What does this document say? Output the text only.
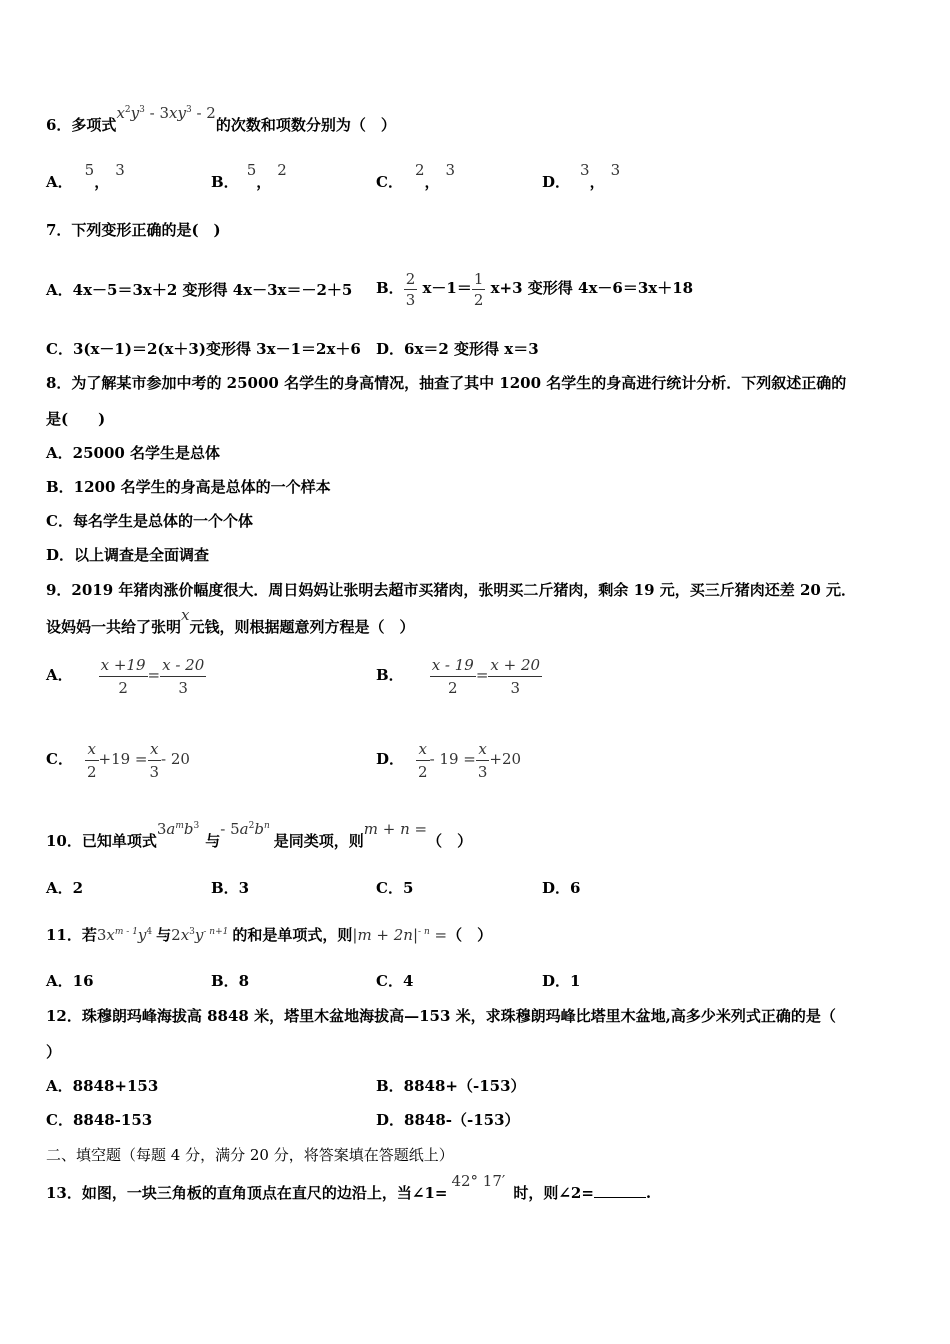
6．多项式$x^2y^3 - 3xy^3 - 2$的次数和项数分别为（　）
A．5，3
B．5，2
C．2，3
D．3，3
7．下列变形正确的是(　)
A．4x－5＝3x＋2 变形得 4x－3x＝－2＋5 B． $\frac{2}{3} x-1= \frac{1}{2} x+3$ 变形得 4x－6＝3x＋18
C．3(x－1)＝2(x＋3)变形得 3x－1＝2x＋6 D．6x＝2 变形得 x＝3
8．为了解某市参加中考的 25000 名学生的身高情况，抽查了其中 1200 名学生的身高进行统计分析．下列叙述正确的
是(　　)
A．25000 名学生是总体
B．1200 名学生的身高是总体的一个样本
C．每名学生是总体的一个个体
D．以上调查是全面调查
9．2019 年猪肉涨价幅度很大．周日妈妈让张明去超市买猪肉，张明买二斤猪肉，剩余 19 元，买三斤猪肉还差 20 元．
设妈妈一共给了张明x元钱，则根据题意列方程是（　）
A． $\frac{x +19}{2} = \frac{x - 20}{3}$	B． $\frac{x - 19}{2} = \frac{x + 20}{3}$
C． $\frac{x}{2} +19 = \frac{x}{3} - 20$	D． $\frac{x}{2} - 19 = \frac{x}{3} +20$
10．已知单项式$3a^mb^3$与- $5a^2b^n$是同类项，则m + n =（　）
A．2	B．3	C．5	D．6
11．若$3x^{m - 1}y^4$ 与$2x^3y^{- n+1}$ 的和是单项式，则$|m + 2n|^{- n}$ =（　）
A．16	B．8	C．4	D．1
12．珠穆朗玛峰海拔高 8848 米，塔里木盆地海拔高—153 米，求珠穆朗玛峰比塔里木盆地,高多少米列式正确的是（
）
A．8848+153	B．8848+（-153）
C．8848-153	D．8848-（-153）
二、填空题（每题 4 分，满分 20 分，将答案填在答题纸上）
13．如图，一块三角板的直角顶点在直尺的边沿上，当∠1=42° 17′时，则∠2=	.
